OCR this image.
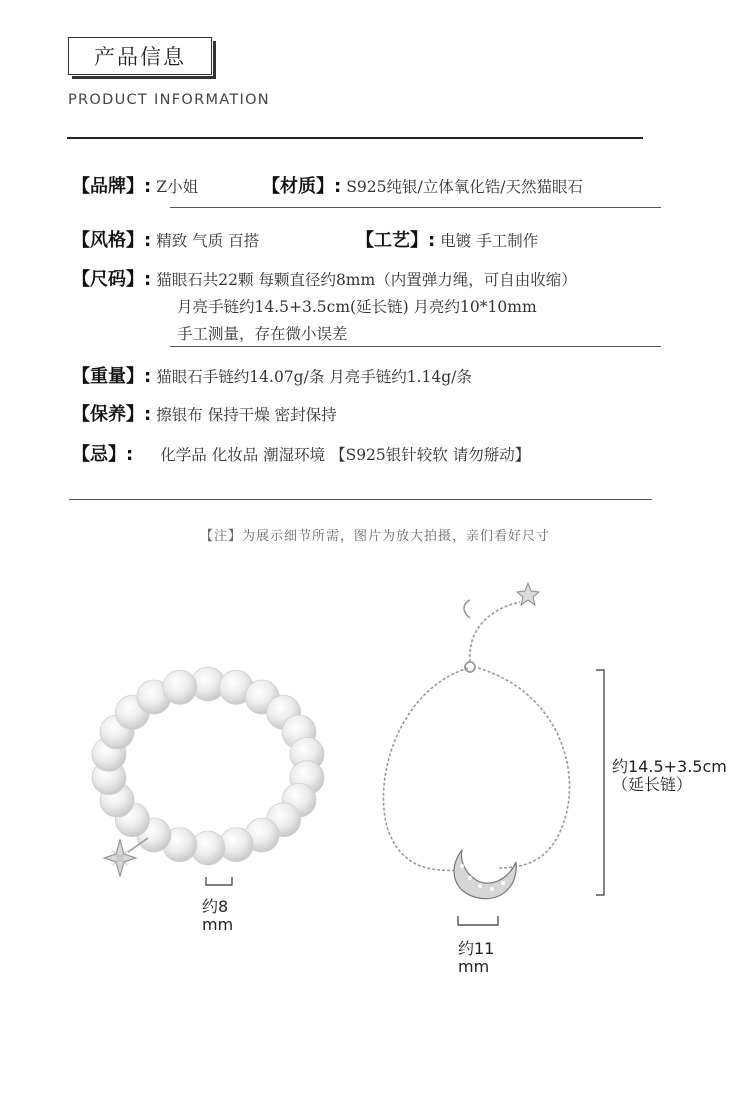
产品信息
PRODUCT INFORMATION
【品牌】: Z小姐	【材质】: S925纯银/立体氧化锆/天然猫眼石
【风格】: 精致 气质 百搭	【工艺】: 电镀 手工制作
【尺码】: 猫眼石共22颗 每颗直径约8mm（内置弹力绳，可自由收缩）
月亮手链约14.5+3.5cm(延长链) 月亮约10*10mm
手工测量，存在微小误差
【重量】: 猫眼石手链约14.07g/条 月亮手链约1.14g/条
【保养】: 擦银布 保持干燥 密封保持
【忌】: 化学品 化妆品 潮湿环境 【S925银针较软 请勿掰动】
【注】为展示细节所需，图片为放大拍摄，亲们看好尺寸
约8
mm
约11
mm
约14.5+3.5cm
（延长链）
